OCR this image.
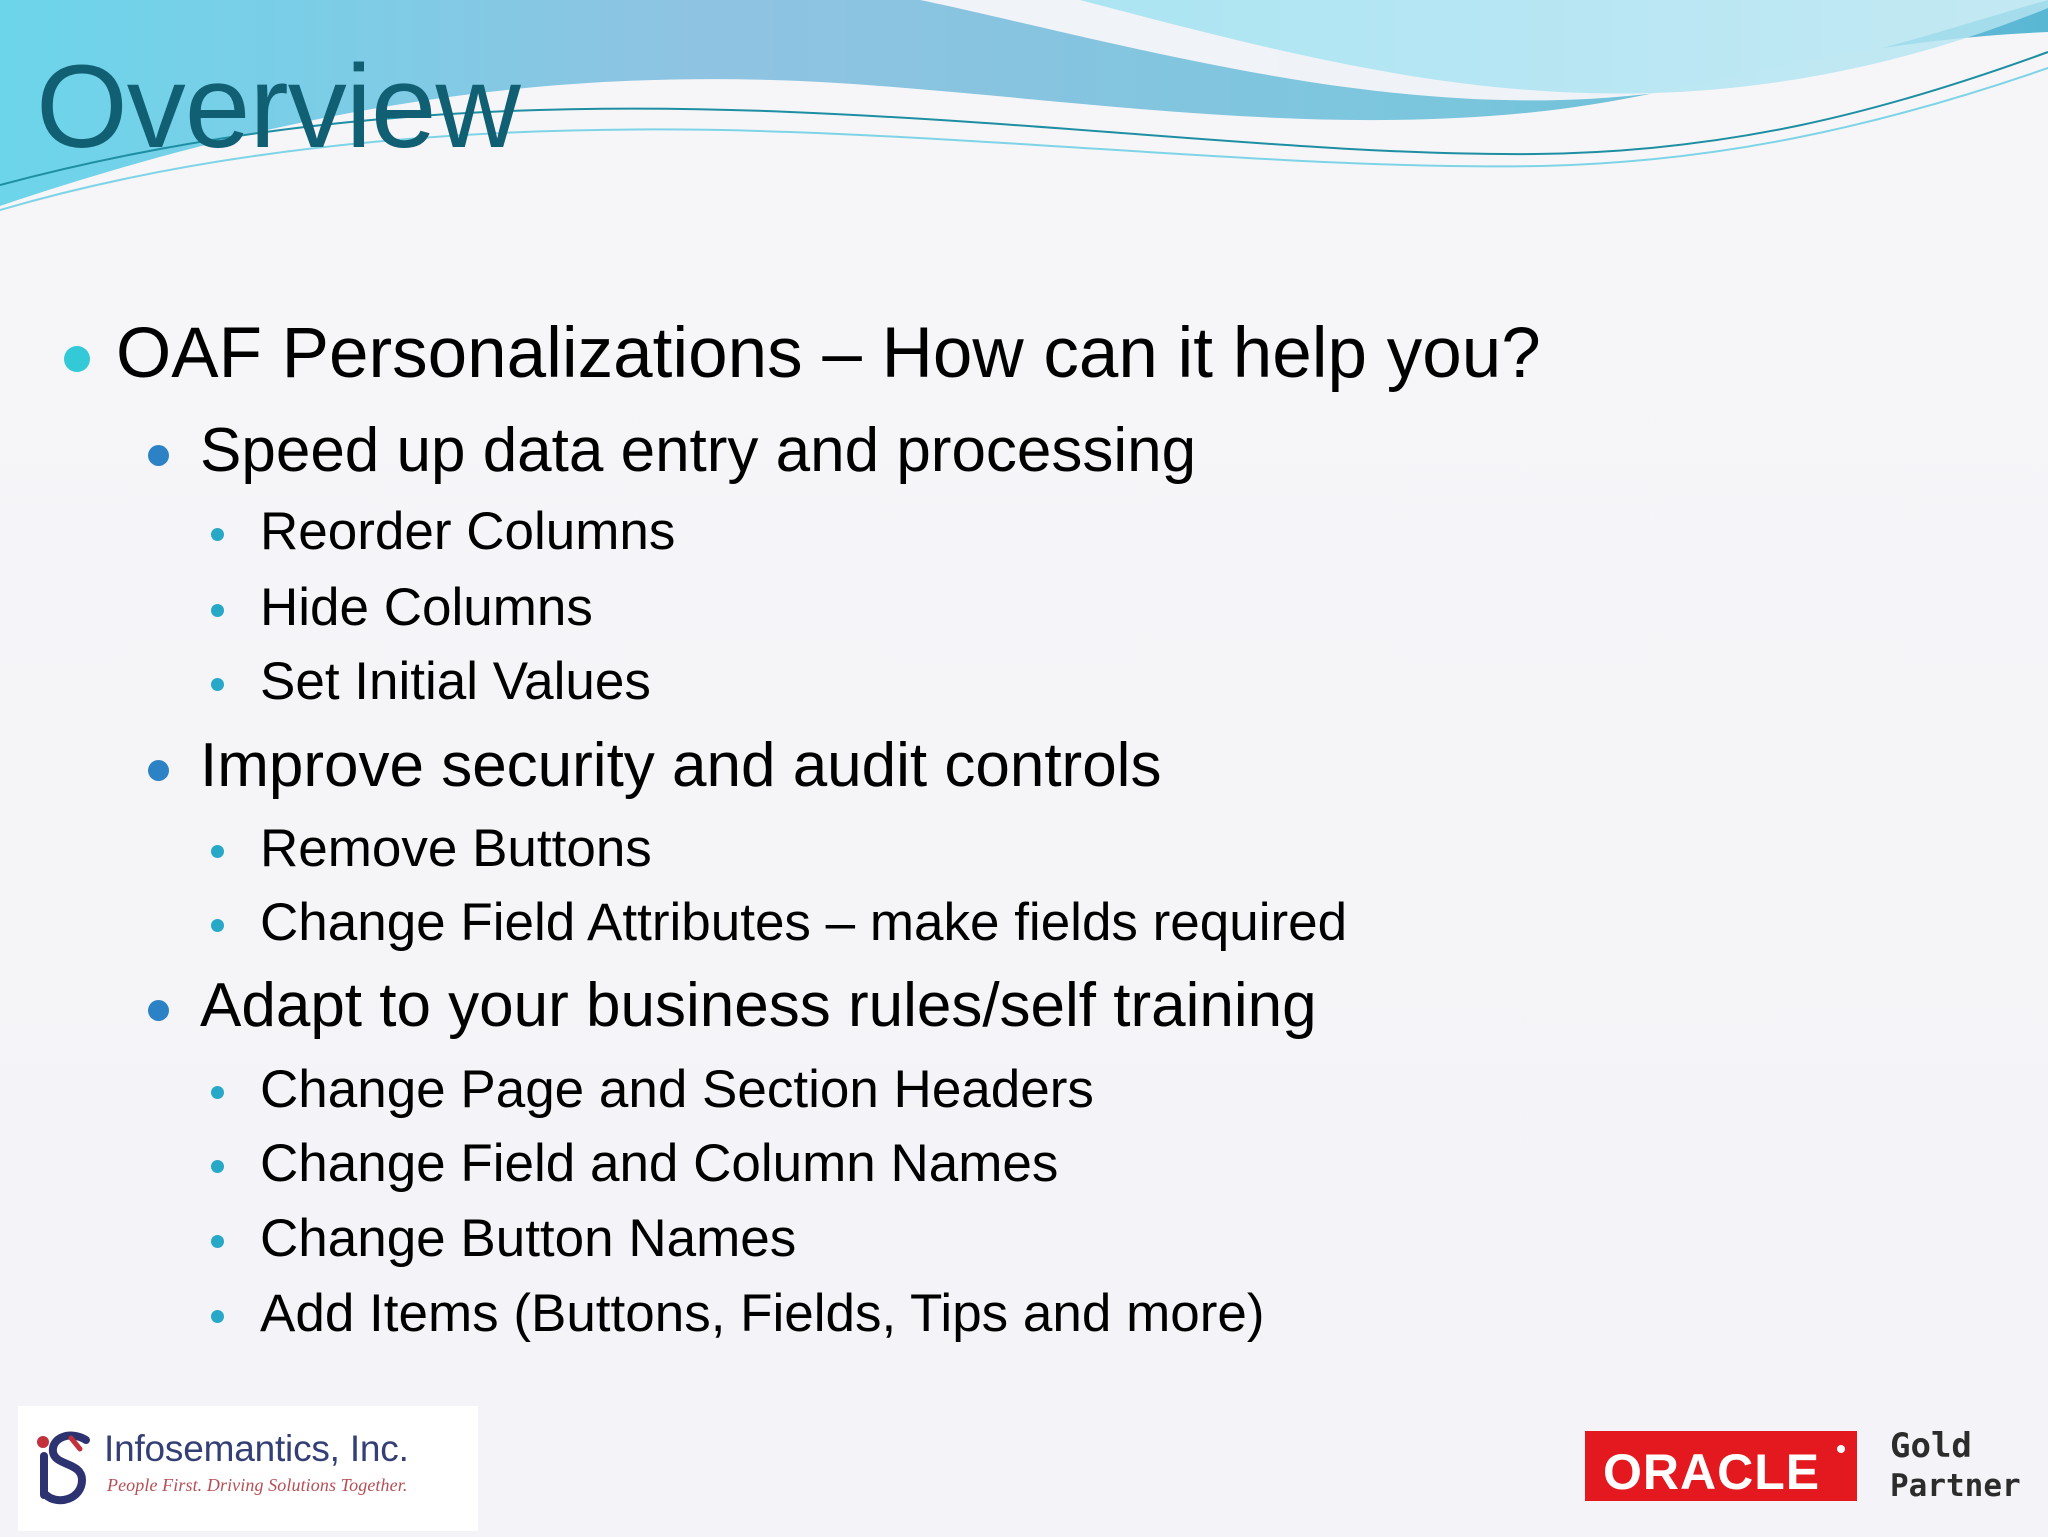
Overview
OAF Personalizations – How can it help you?
Speed up data entry and processing
Reorder Columns
Hide Columns
Set Initial Values
Improve security and audit controls
Remove Buttons
Change Field Attributes – make fields required
Adapt to your business rules/self training
Change Page and Section Headers
Change Field and Column Names
Change Button Names
Add Items (Buttons, Fields, Tips and more)
Infosemantics, Inc.
People First. Driving Solutions Together.	ORACLE Gold
Partner
